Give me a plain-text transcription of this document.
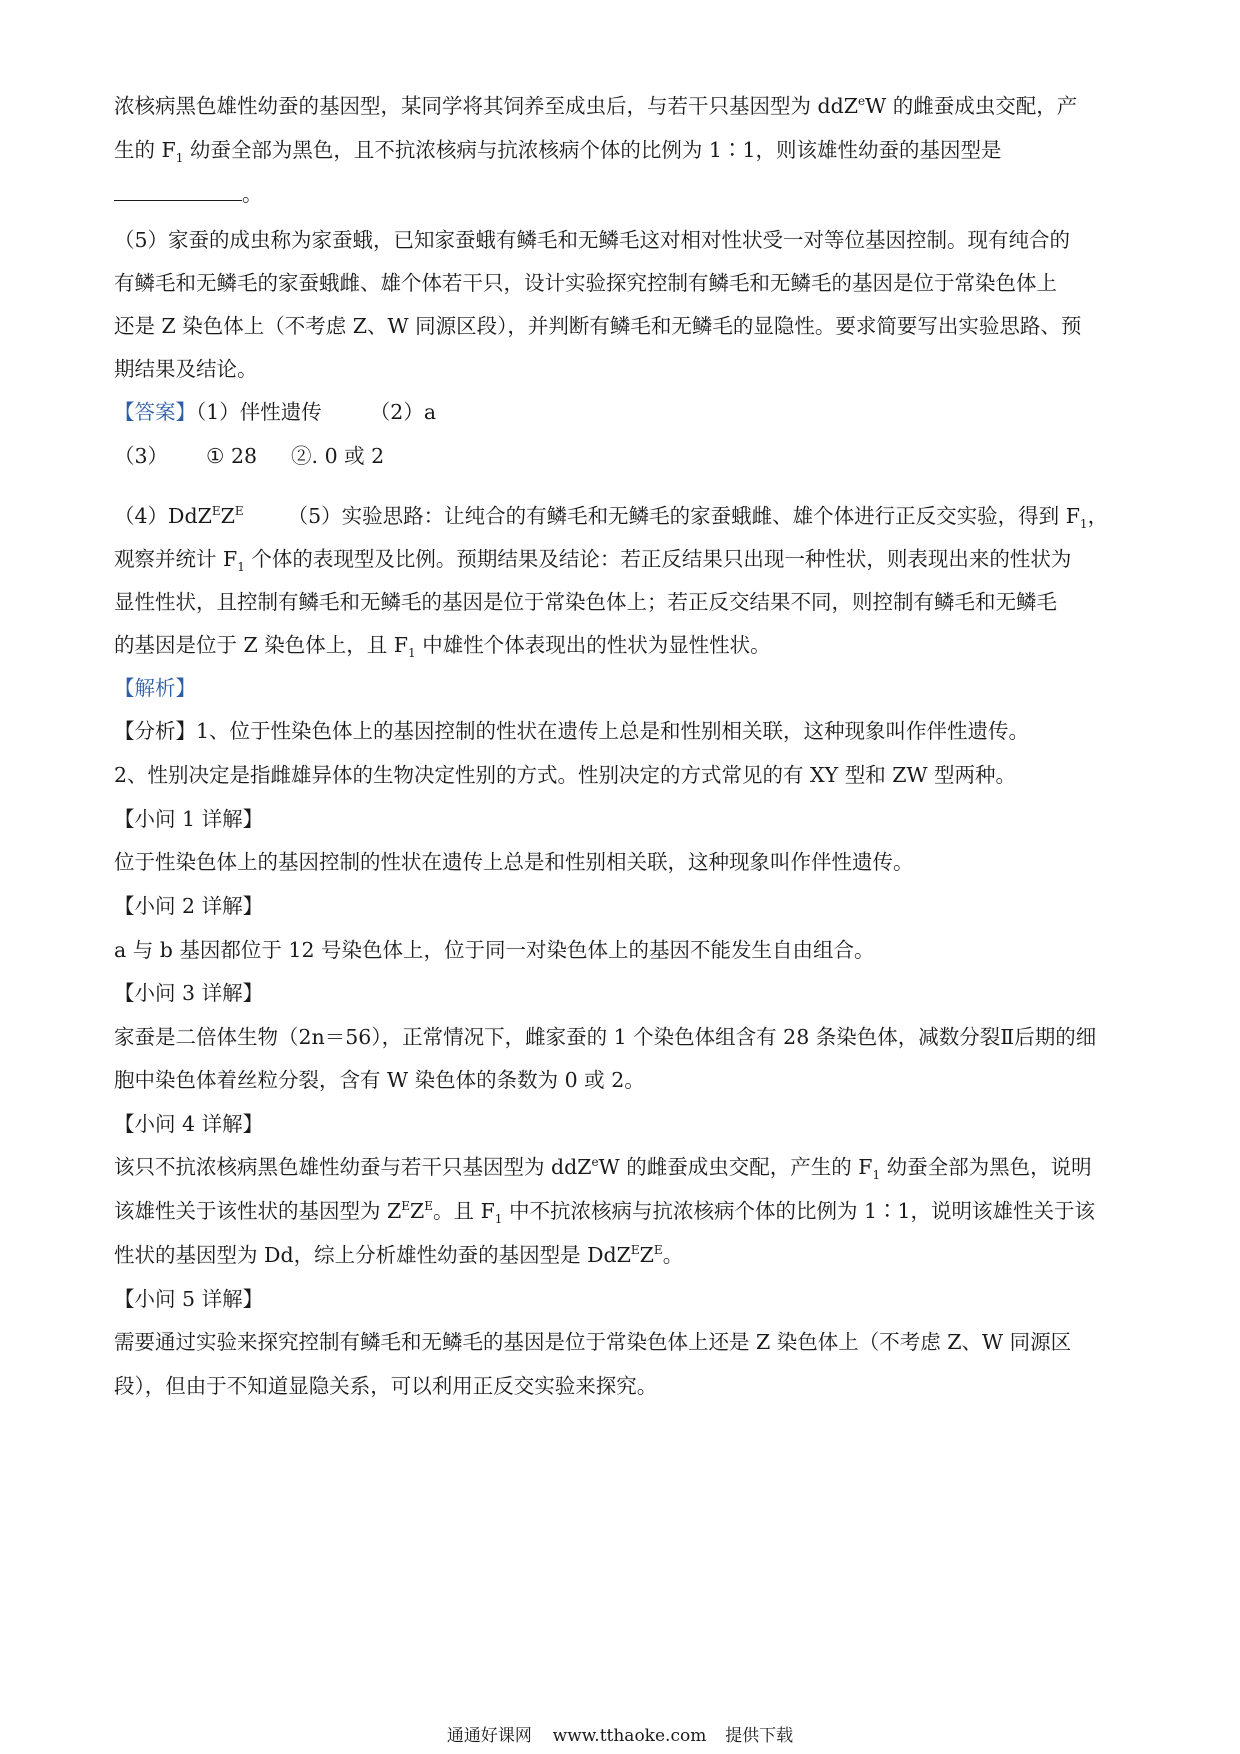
浓核病黑色雄性幼蚕的基因型，某同学将其饲养至成虫后，与若干只基因型为 ddZ$^e$W 的雌蚕成虫交配，产
生的 $F_1$ 幼蚕全部为黑色，且不抗浓核病与抗浓核病个体的比例为 1∶1，则该雄性幼蚕的基因型是
。
（5）家蚕的成虫称为家蚕蛾，已知家蚕蛾有鳞毛和无鳞毛这对相对性状受一对等位基因控制。现有纯合的
有鳞毛和无鳞毛的家蚕蛾雌、雄个体若干只，设计实验探究控制有鳞毛和无鳞毛的基因是位于常染色体上
还是 Z 染色体上（不考虑 Z、W 同源区段），并判断有鳞毛和无鳞毛的显隐性。要求简要写出实验思路、预
期结果及结论。
【答案】（1）伴性遗传 （2）a
（3） ① 28 ②. 0 或 2
$(4)DdZ^EZ^E$ （5）实验思路：让纯合的有鳞毛和无鳞毛的家蚕蛾雌、雄个体进行正反交实验，得到 $F_1$，
观察并统计 $F_1$ 个体的表现型及比例。预期结果及结论：若正反结果只出现一种性状，则表现出来的性状为
显性性状，且控制有鳞毛和无鳞毛的基因是位于常染色体上；若正反交结果不同，则控制有鳞毛和无鳞毛
的基因是位于 Z 染色体上，且 $F_1$ 中雄性个体表现出的性状为显性性状。
【解析】
【分析】1、位于性染色体上的基因控制的性状在遗传上总是和性别相关联，这种现象叫作伴性遗传。
2、性别决定是指雌雄异体的生物决定性别的方式。性别决定的方式常见的有 XY 型和 ZW 型两种。
【小问 1 详解】
位于性染色体上的基因控制的性状在遗传上总是和性别相关联，这种现象叫作伴性遗传。
【小问 2 详解】
a 与 b 基因都位于 12 号染色体上，位于同一对染色体上的基因不能发生自由组合。
【小问 3 详解】
家蚕是二倍体生物（2n＝56），正常情况下，雌家蚕的 1 个染色体组含有 28 条染色体，减数分裂Ⅱ后期的细
胞中染色体着丝粒分裂，含有 W 染色体的条数为 0 或 2。
【小问 4 详解】
该只不抗浓核病黑色雄性幼蚕与若干只基因型为 ddZ$^e$W 的雌蚕成虫交配，产生的 $F_1$ 幼蚕全部为黑色，说明
该雄性关于该性状的基因型为 $Z^EZ^E$。且 $F_1$ 中不抗浓核病与抗浓核病个体的比例为 1∶1，说明该雄性关于该
性状的基因型为 Dd，综上分析雄性幼蚕的基因型是 $DdZ^EZ^E$。
【小问 5 详解】
需要通过实验来探究控制有鳞毛和无鳞毛的基因是位于常染色体上还是 Z 染色体上（不考虑 Z、W 同源区
段），但由于不知道显隐关系，可以利用正反交实验来探究。
通通好课网 www.tthaoke.com 提供下载
